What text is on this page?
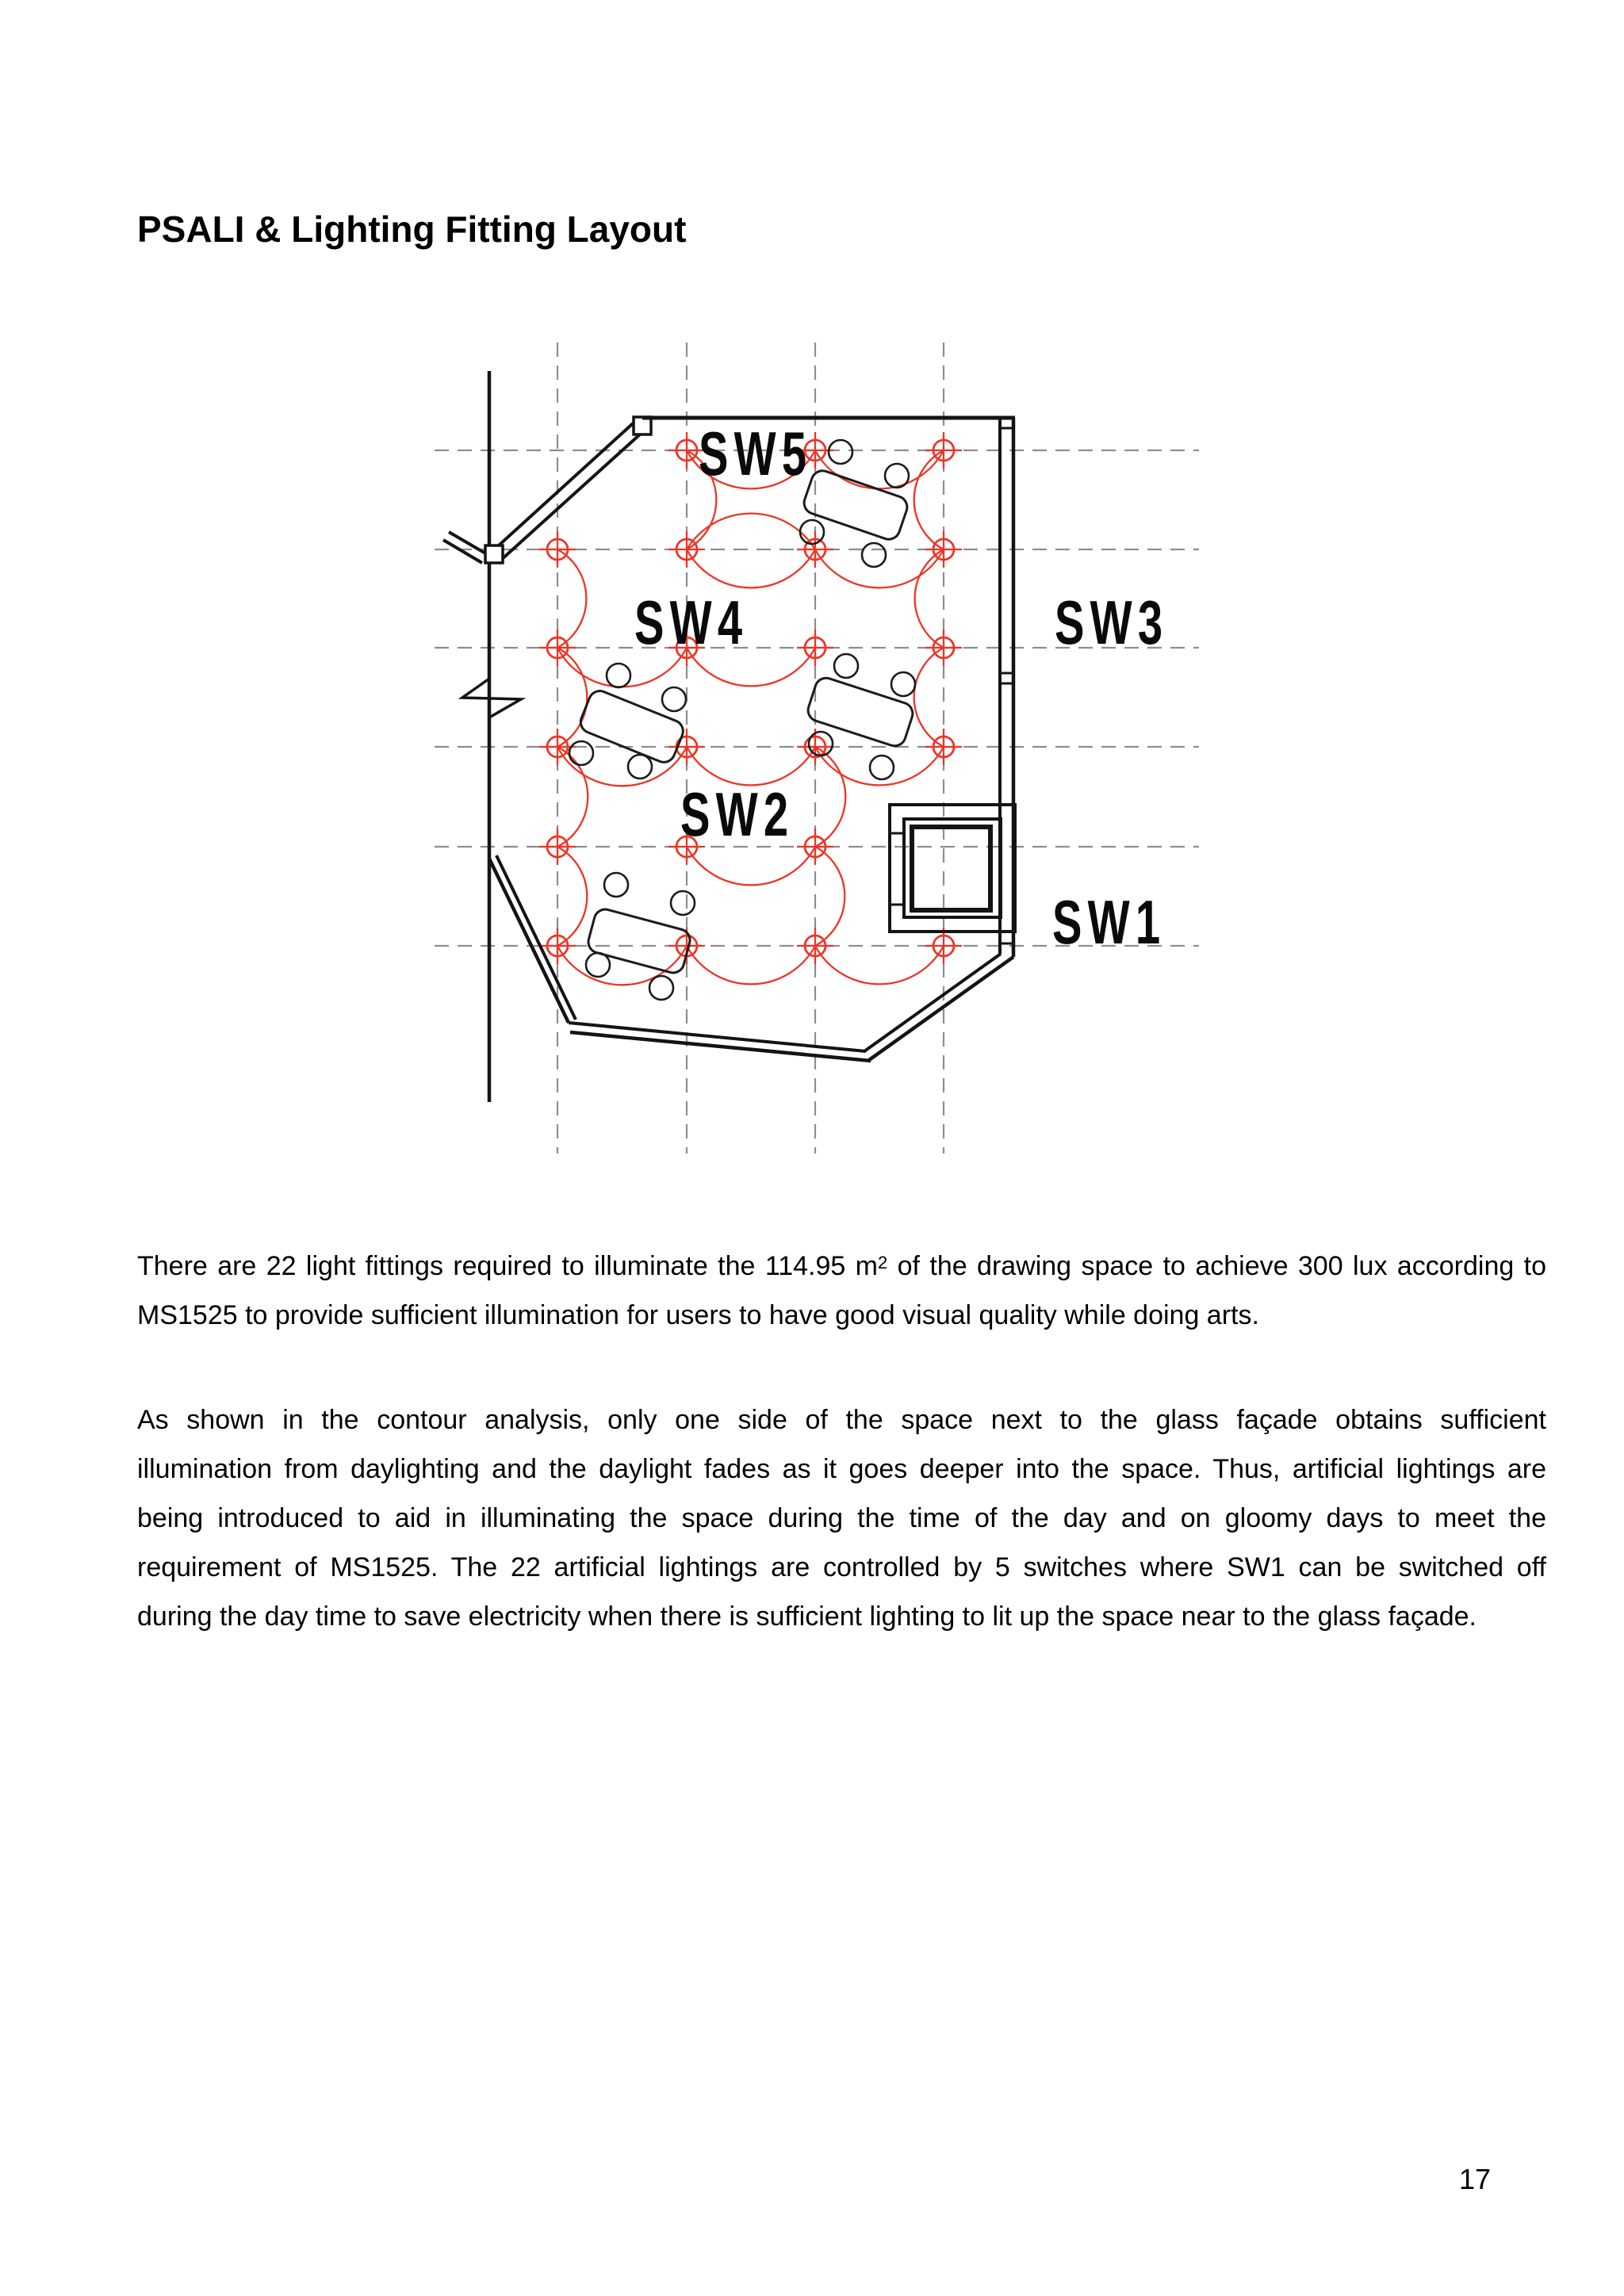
PSALI & Lighting Fitting Layout
SW5
SW4	SW3
SW2
SW1
There are 22 light fittings required to illuminate the 114.95 $m^2$ of the drawing space to achieve 300 lux according to
MS1525 to provide sufficient illumination for users to have good visual quality while doing arts.
As shown in the contour analysis, only one side of the space next to the glass façade obtains sufficient
illumination from daylighting and the daylight fades as it goes deeper into the space. Thus, artificial lightings are
being introduced to aid in illuminating the space during the time of the day and on gloomy days to meet the
requirement of MS1525. The 22 artificial lightings are controlled by 5 switches where SW1 can be switched off
during the day time to save electricity when there is sufficient lighting to lit up the space near to the glass façade.
17
